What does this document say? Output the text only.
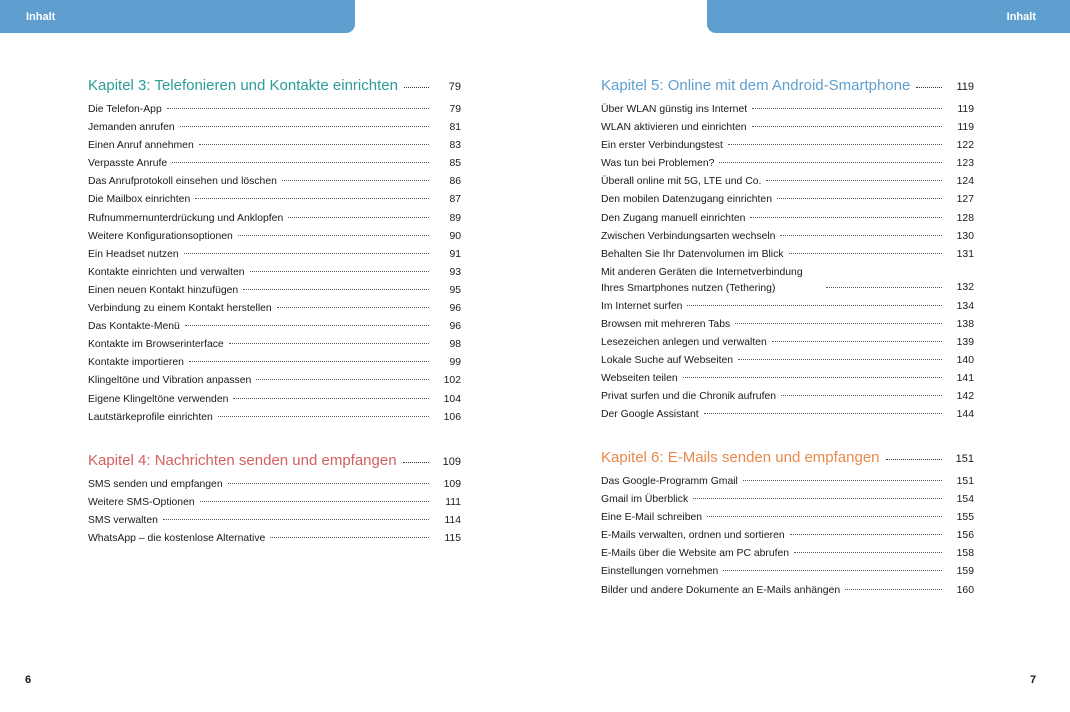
Inhalt	Inhalt
Kapitel 3: Telefonieren und Kontakte einrichten	79
Die Telefon-App	79
Jemanden anrufen	81
Einen Anruf annehmen	83
Verpasste Anrufe	85
Das Anrufprotokoll einsehen und löschen	86
Die Mailbox einrichten	87
Rufnummernunterdrückung und Anklopfen	89
Weitere Konfigurationsoptionen	90
Ein Headset nutzen	91
Kontakte einrichten und verwalten	93
Einen neuen Kontakt hinzufügen	95
Verbindung zu einem Kontakt herstellen	96
Das Kontakte-Menü	96
Kontakte im Browserinterface	98
Kontakte importieren	99
Klingeltöne und Vibration anpassen	102
Eigene Klingeltöne verwenden	104
Lautstärkeprofile einrichten	106
Kapitel 4: Nachrichten senden und empfangen	109
SMS senden und empfangen	109
Weitere SMS-Optionen	111
SMS verwalten	114
WhatsApp – die kostenlose Alternative	115
Kapitel 5: Online mit dem Android-Smartphone	119
Über WLAN günstig ins Internet	119
WLAN aktivieren und einrichten	119
Ein erster Verbindungstest	122
Was tun bei Problemen?	123
Überall online mit 5G, LTE und Co.	124
Den mobilen Datenzugang einrichten	127
Den Zugang manuell einrichten	128
Zwischen Verbindungsarten wechseln	130
Behalten Sie Ihr Datenvolumen im Blick	131
Mit anderen Geräten die Internetverbindung
Ihres Smartphones nutzen (Tethering)	132
Im Internet surfen	134
Browsen mit mehreren Tabs	138
Lesezeichen anlegen und verwalten	139
Lokale Suche auf Webseiten	140
Webseiten teilen	141
Privat surfen und die Chronik aufrufen	142
Der Google Assistant	144
Kapitel 6: E-Mails senden und empfangen	151
Das Google-Programm Gmail	151
Gmail im Überblick	154
Eine E-Mail schreiben	155
E-Mails verwalten, ordnen und sortieren	156
E-Mails über die Website am PC abrufen	158
Einstellungen vornehmen	159
Bilder und andere Dokumente an E-Mails anhängen	160
6	7
